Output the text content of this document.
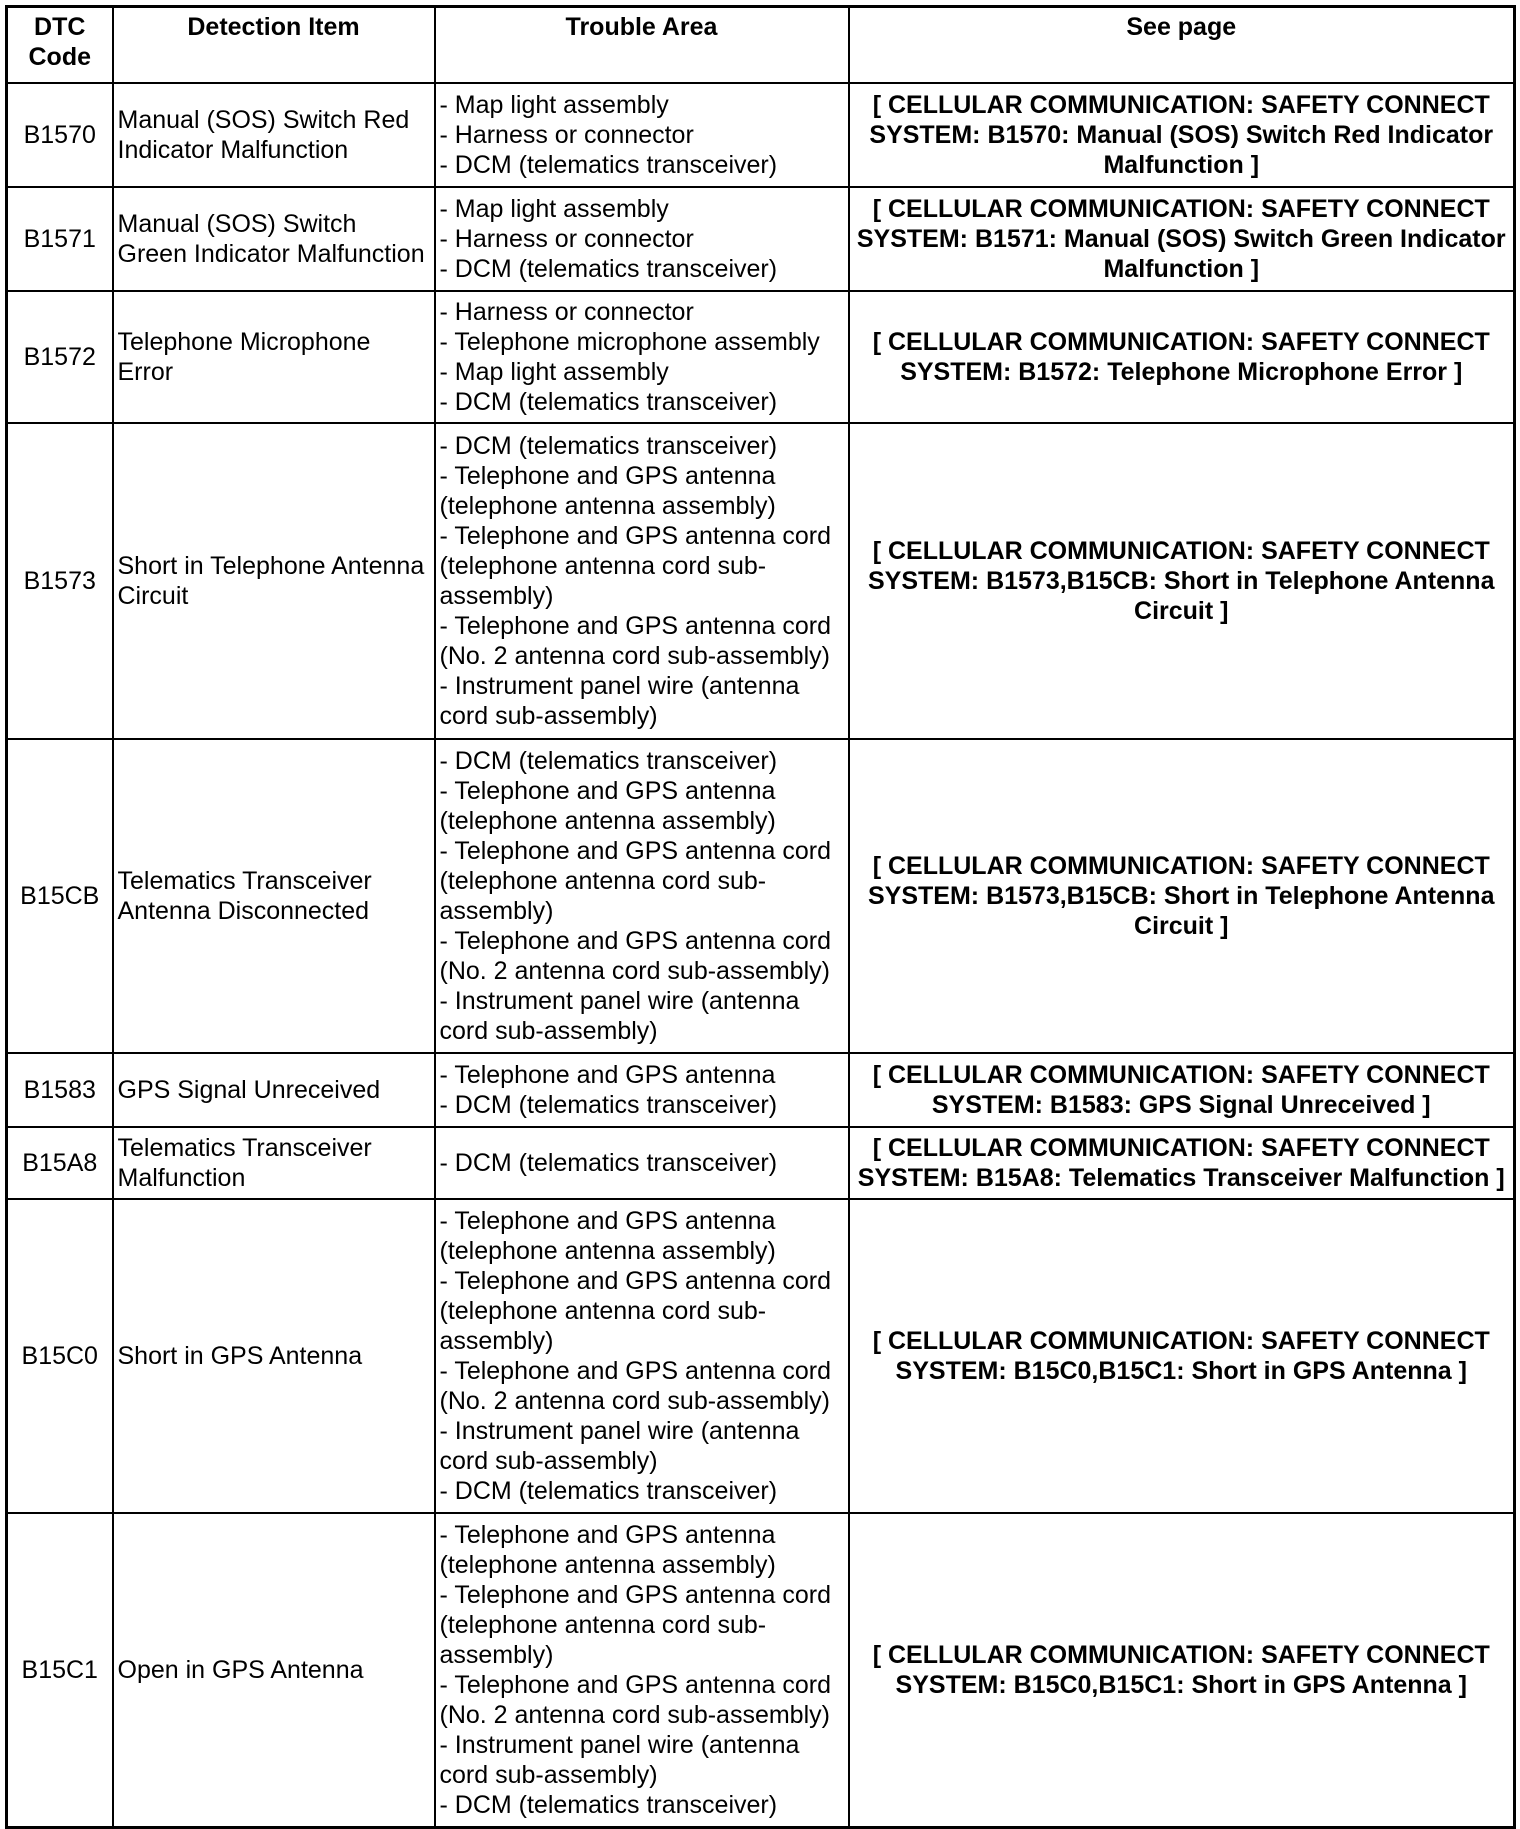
DTC
Code	Detection Item	Trouble Area	See page
B1570	Manual (SOS) Switch Red Indicator Malfunction	- Map light assembly
- Harness or connector
- DCM (telematics transceiver)	[ CELLULAR COMMUNICATION: SAFETY CONNECT SYSTEM: B1570: Manual (SOS) Switch Red Indicator Malfunction ]
B1571	Manual (SOS) Switch Green Indicator Malfunction	- Map light assembly
- Harness or connector
- DCM (telematics transceiver)	[ CELLULAR COMMUNICATION: SAFETY CONNECT SYSTEM: B1571: Manual (SOS) Switch Green Indicator Malfunction ]
B1572	Telephone Microphone Error	- Harness or connector
- Telephone microphone assembly
- Map light assembly
- DCM (telematics transceiver)	[ CELLULAR COMMUNICATION: SAFETY CONNECT SYSTEM: B1572: Telephone Microphone Error ]
B1573	Short in Telephone Antenna Circuit	- DCM (telematics transceiver)
- Telephone and GPS antenna (telephone antenna assembly)
- Telephone and GPS antenna cord (telephone antenna cord sub-assembly)
- Telephone and GPS antenna cord (No. 2 antenna cord sub-assembly)
- Instrument panel wire (antenna cord sub-assembly)	[ CELLULAR COMMUNICATION: SAFETY CONNECT SYSTEM: B1573,B15CB: Short in Telephone Antenna Circuit ]
B15CB	Telematics Transceiver Antenna Disconnected	- DCM (telematics transceiver)
- Telephone and GPS antenna (telephone antenna assembly)
- Telephone and GPS antenna cord (telephone antenna cord sub-assembly)
- Telephone and GPS antenna cord (No. 2 antenna cord sub-assembly)
- Instrument panel wire (antenna cord sub-assembly)	[ CELLULAR COMMUNICATION: SAFETY CONNECT SYSTEM: B1573,B15CB: Short in Telephone Antenna Circuit ]
B1583	GPS Signal Unreceived	- Telephone and GPS antenna
- DCM (telematics transceiver)	[ CELLULAR COMMUNICATION: SAFETY CONNECT SYSTEM: B1583: GPS Signal Unreceived ]
B15A8	Telematics Transceiver Malfunction	- DCM (telematics transceiver)	[ CELLULAR COMMUNICATION: SAFETY CONNECT SYSTEM: B15A8: Telematics Transceiver Malfunction ]
B15C0	Short in GPS Antenna	- Telephone and GPS antenna (telephone antenna assembly)
- Telephone and GPS antenna cord (telephone antenna cord sub-assembly)
- Telephone and GPS antenna cord (No. 2 antenna cord sub-assembly)
- Instrument panel wire (antenna cord sub-assembly)
- DCM (telematics transceiver)	[ CELLULAR COMMUNICATION: SAFETY CONNECT SYSTEM: B15C0,B15C1: Short in GPS Antenna ]
B15C1	Open in GPS Antenna	- Telephone and GPS antenna (telephone antenna assembly)
- Telephone and GPS antenna cord (telephone antenna cord sub-assembly)
- Telephone and GPS antenna cord (No. 2 antenna cord sub-assembly)
- Instrument panel wire (antenna cord sub-assembly)
- DCM (telematics transceiver)	[ CELLULAR COMMUNICATION: SAFETY CONNECT SYSTEM: B15C0,B15C1: Short in GPS Antenna ]
